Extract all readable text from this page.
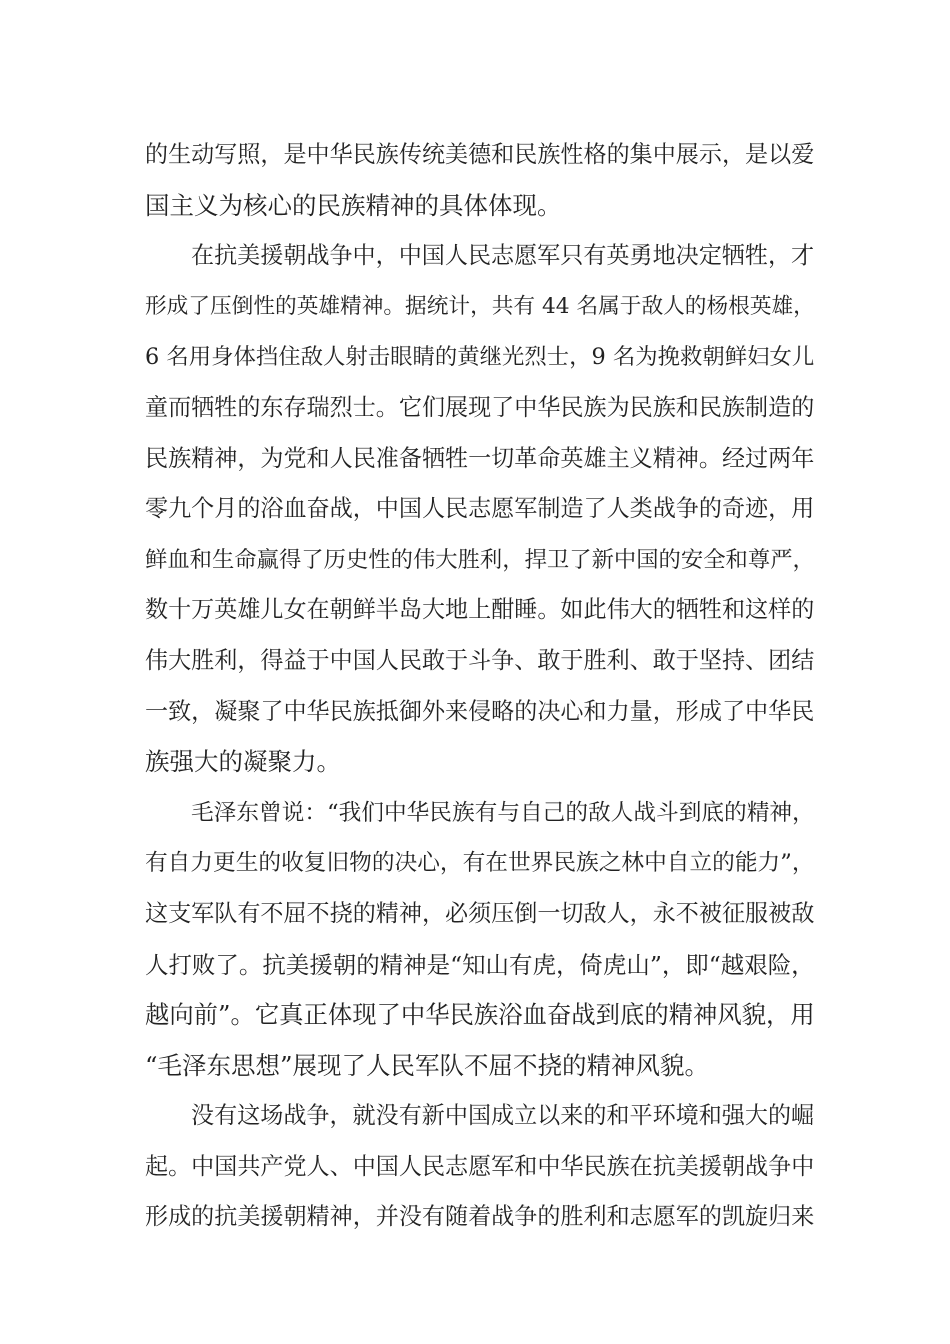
的生动写照，是中华民族传统美德和民族性格的集中展示，是以爱
国主义为核心的民族精神的具体体现。
在抗美援朝战争中，中国人民志愿军只有英勇地决定牺牲，才
形成了压倒性的英雄精神。据统计，共有 44 名属于敌人的杨根英雄，
6 名用身体挡住敌人射击眼睛的黄继光烈士，9 名为挽救朝鲜妇女儿
童而牺牲的东存瑞烈士。它们展现了中华民族为民族和民族制造的
民族精神，为党和人民准备牺牲一切革命英雄主义精神。经过两年
零九个月的浴血奋战，中国人民志愿军制造了人类战争的奇迹，用
鲜血和生命赢得了历史性的伟大胜利，捍卫了新中国的安全和尊严，
数十万英雄儿女在朝鲜半岛大地上酣睡。如此伟大的牺牲和这样的
伟大胜利，得益于中国人民敢于斗争、敢于胜利、敢于坚持、团结
一致，凝聚了中华民族抵御外来侵略的决心和力量，形成了中华民
族强大的凝聚力。
毛泽东曾说：“我们中华民族有与自己的敌人战斗到底的精神，
有自力更生的收复旧物的决心，有在世界民族之林中自立的能力”，
这支军队有不屈不挠的精神，必须压倒一切敌人，永不被征服被敌
人打败了。抗美援朝的精神是“知山有虎，倚虎山”，即“越艰险，
越向前”。它真正体现了中华民族浴血奋战到底的精神风貌，用
“毛泽东思想”展现了人民军队不屈不挠的精神风貌。
没有这场战争，就没有新中国成立以来的和平环境和强大的崛
起。中国共产党人、中国人民志愿军和中华民族在抗美援朝战争中
形成的抗美援朝精神，并没有随着战争的胜利和志愿军的凯旋归来
